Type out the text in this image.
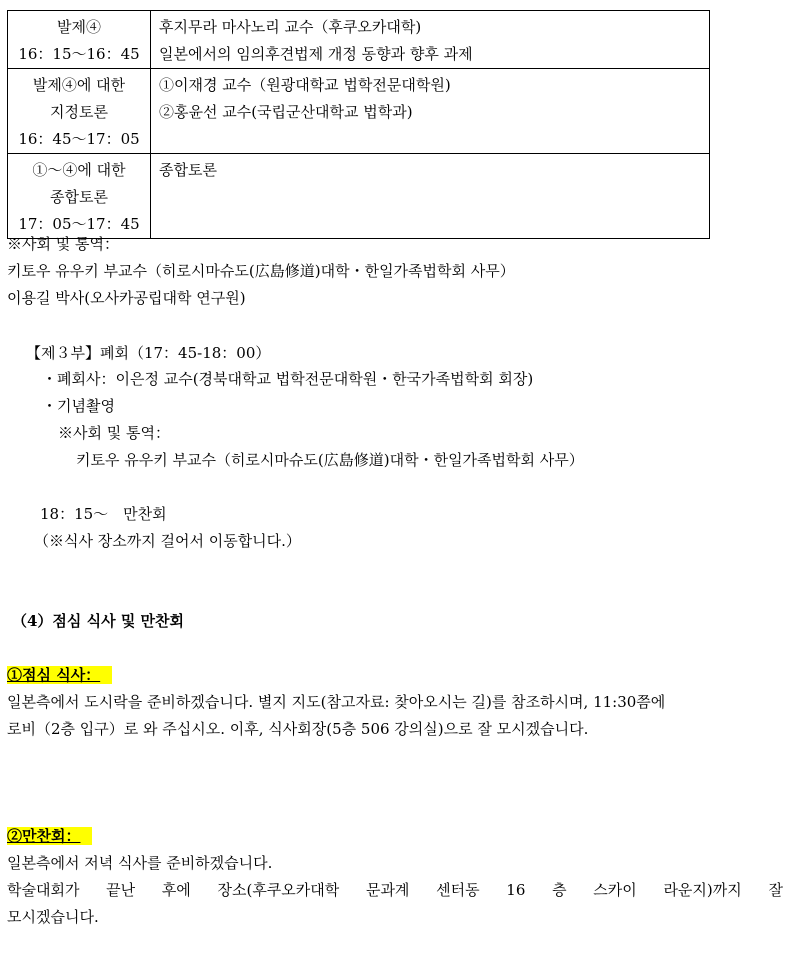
발제④
16：15～16：45	후지무라 마사노리 교수（후쿠오카대학)
일본에서의 임의후견법제 개정 동향과 향후 과제

발제④에 대한
지정토론
16：45～17：05	①이재경 교수（원광대학교 법학전문대학원)
②홍윤선 교수(국립군산대학교 법학과)

①～④에 대한
종합토론
17：05～17：45	종합토론
※사회 및 통역：
키토우 유우키 부교수（히로시마슈도(広島修道)대학・한일가족법학회 사무）
이용길 박사(오사카공립대학 연구원)
【제３부】폐회（17：45-18：00）
・폐회사：이은정 교수(경북대학교 법학전문대학원・한국가족법학회 회장)
・기념촬영
※사회 및 통역：
키토우 유우키 부교수（히로시마슈도(広島修道)대학・한일가족법학회 사무）
18：15～　만찬회
（※식사 장소까지 걸어서 이동합니다.）
（4）점심 식사 및 만찬회
①점심 식사：
일본측에서 도시락을 준비하겠습니다. 별지 지도(참고자료: 찾아오시는 길)를 참조하시며, 11:30쯤에
로비（2층 입구）로 와 주십시오. 이후, 식사회장(5층 506 강의실)으로 잘 모시겠습니다.
②만찬회：
일본측에서 저녁 식사를 준비하겠습니다.
학술대회가 끝난 후에 장소(후쿠오카대학 문과계 센터동 16 층 스카이 라운지)까지 잘
모시겠습니다.
